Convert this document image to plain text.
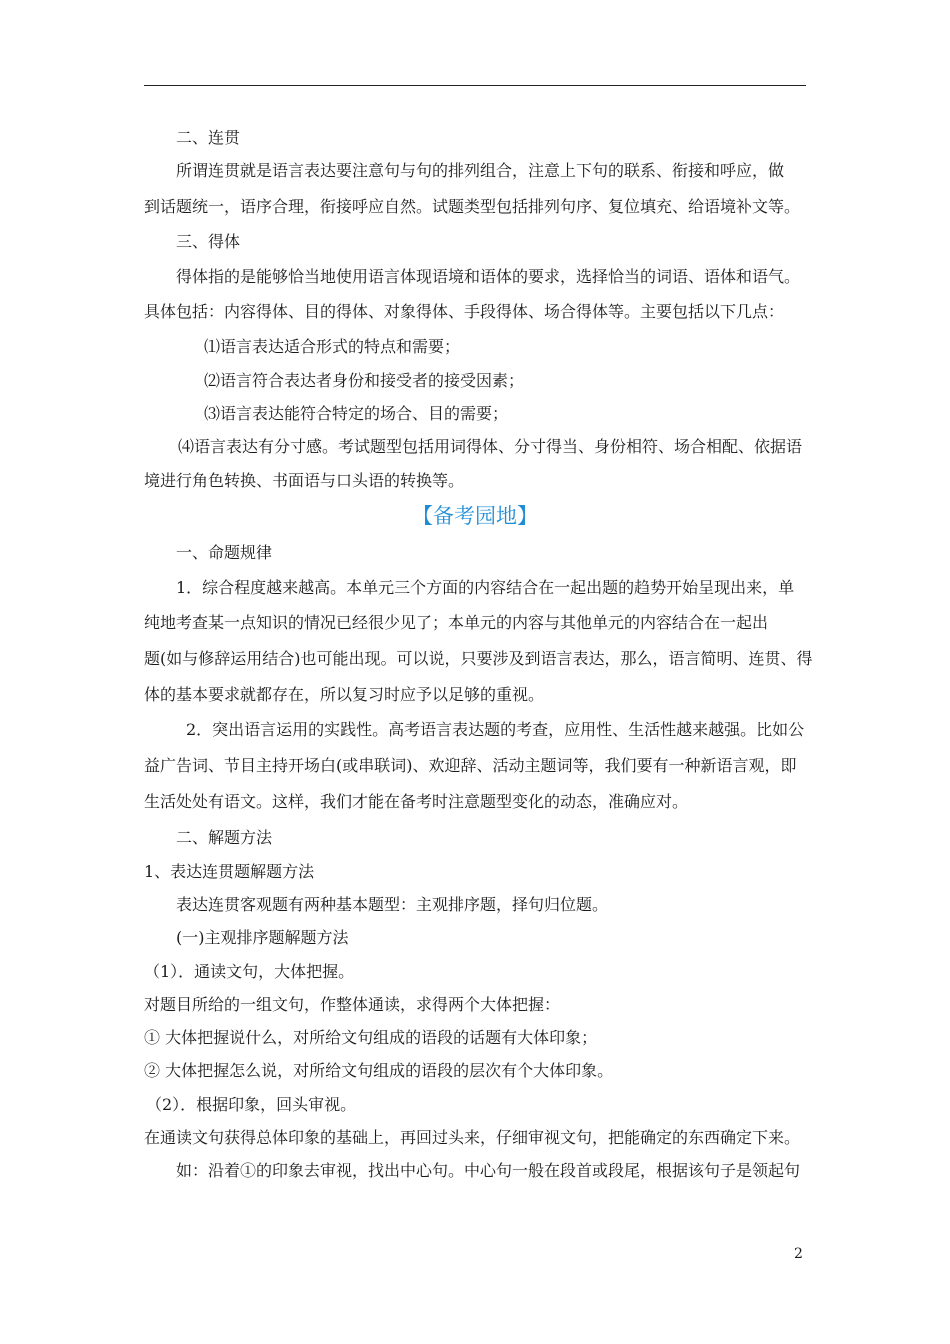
二、连贯
所谓连贯就是语言表达要注意句与句的排列组合，注意上下句的联系、衔接和呼应，做
到话题统一，语序合理，衔接呼应自然。试题类型包括排列句序、复位填充、给语境补文等。
三、得体
得体指的是能够恰当地使用语言体现语境和语体的要求，选择恰当的词语、语体和语气。
具体包括：内容得体、目的得体、对象得体、手段得体、场合得体等。主要包括以下几点：
⑴语言表达适合形式的特点和需要；
⑵语言符合表达者身份和接受者的接受因素；
⑶语言表达能符合特定的场合、目的需要；
⑷语言表达有分寸感。考试题型包括用词得体、分寸得当、身份相符、场合相配、依据语
境进行角色转换、书面语与口头语的转换等。
【备考园地】
一、命题规律
1．综合程度越来越高。本单元三个方面的内容结合在一起出题的趋势开始呈现出来，单
纯地考查某一点知识的情况已经很少见了；本单元的内容与其他单元的内容结合在一起出
题(如与修辞运用结合)也可能出现。可以说，只要涉及到语言表达，那么，语言简明、连贯、得
体的基本要求就都存在，所以复习时应予以足够的重视。
2．突出语言运用的实践性。高考语言表达题的考查，应用性、生活性越来越强。比如公
益广告词、节目主持开场白(或串联词)、欢迎辞、活动主题词等，我们要有一种新语言观，即
生活处处有语文。这样，我们才能在备考时注意题型变化的动态，准确应对。
二、解题方法
1、表达连贯题解题方法
表达连贯客观题有两种基本题型：主观排序题，择句归位题。
(一)主观排序题解题方法
（1）．通读文句，大体把握。
对题目所给的一组文句，作整体通读，求得两个大体把握：
① 大体把握说什么，对所给文句组成的语段的话题有大体印象；
② 大体把握怎么说，对所给文句组成的语段的层次有个大体印象。
（2）．根据印象，回头审视。
在通读文句获得总体印象的基础上，再回过头来，仔细审视文句，把能确定的东西确定下来。
如：沿着①的印象去审视，找出中心句。中心句一般在段首或段尾，根据该句子是领起句
2
